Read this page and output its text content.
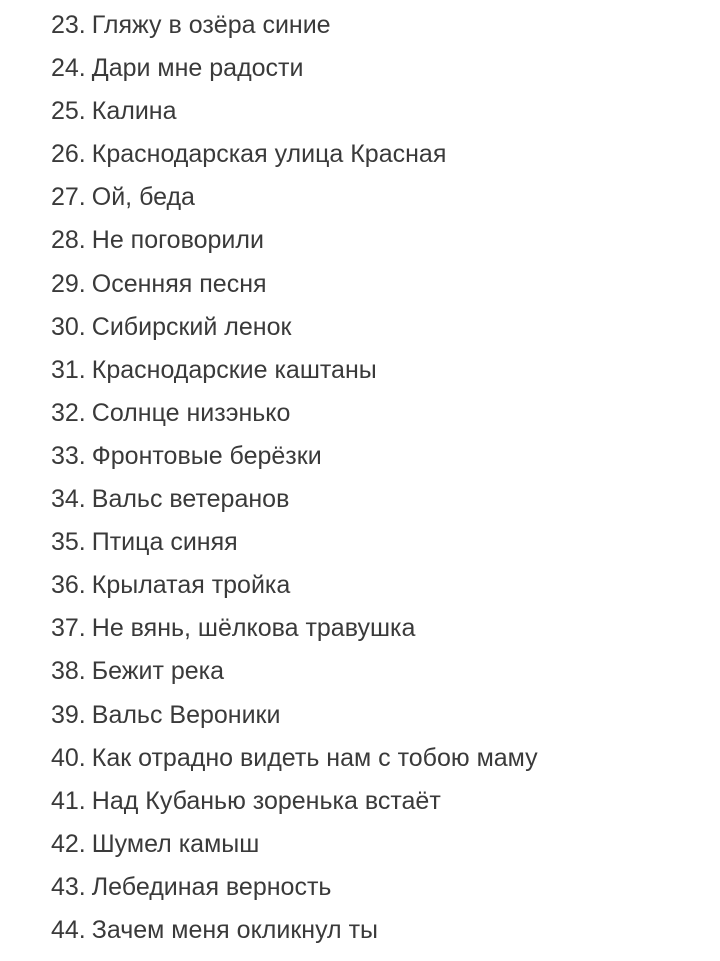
23. Гляжу в озёра синие
24. Дари мне радости
25. Калина
26. Краснодарская улица Красная
27. Ой, беда
28. Не поговорили
29. Осенняя песня
30. Сибирский ленок
31. Краснодарские каштаны
32. Солнце низэнько
33. Фронтовые берёзки
34. Вальс ветеранов
35. Птица синяя
36. Крылатая тройка
37. Не вянь, шёлкова травушка
38. Бежит река
39. Вальс Вероники
40. Как отрадно видеть нам с тобою маму
41. Над Кубанью зоренька встаёт
42. Шумел камыш
43. Лебединая верность
44. Зачем меня окликнул ты
